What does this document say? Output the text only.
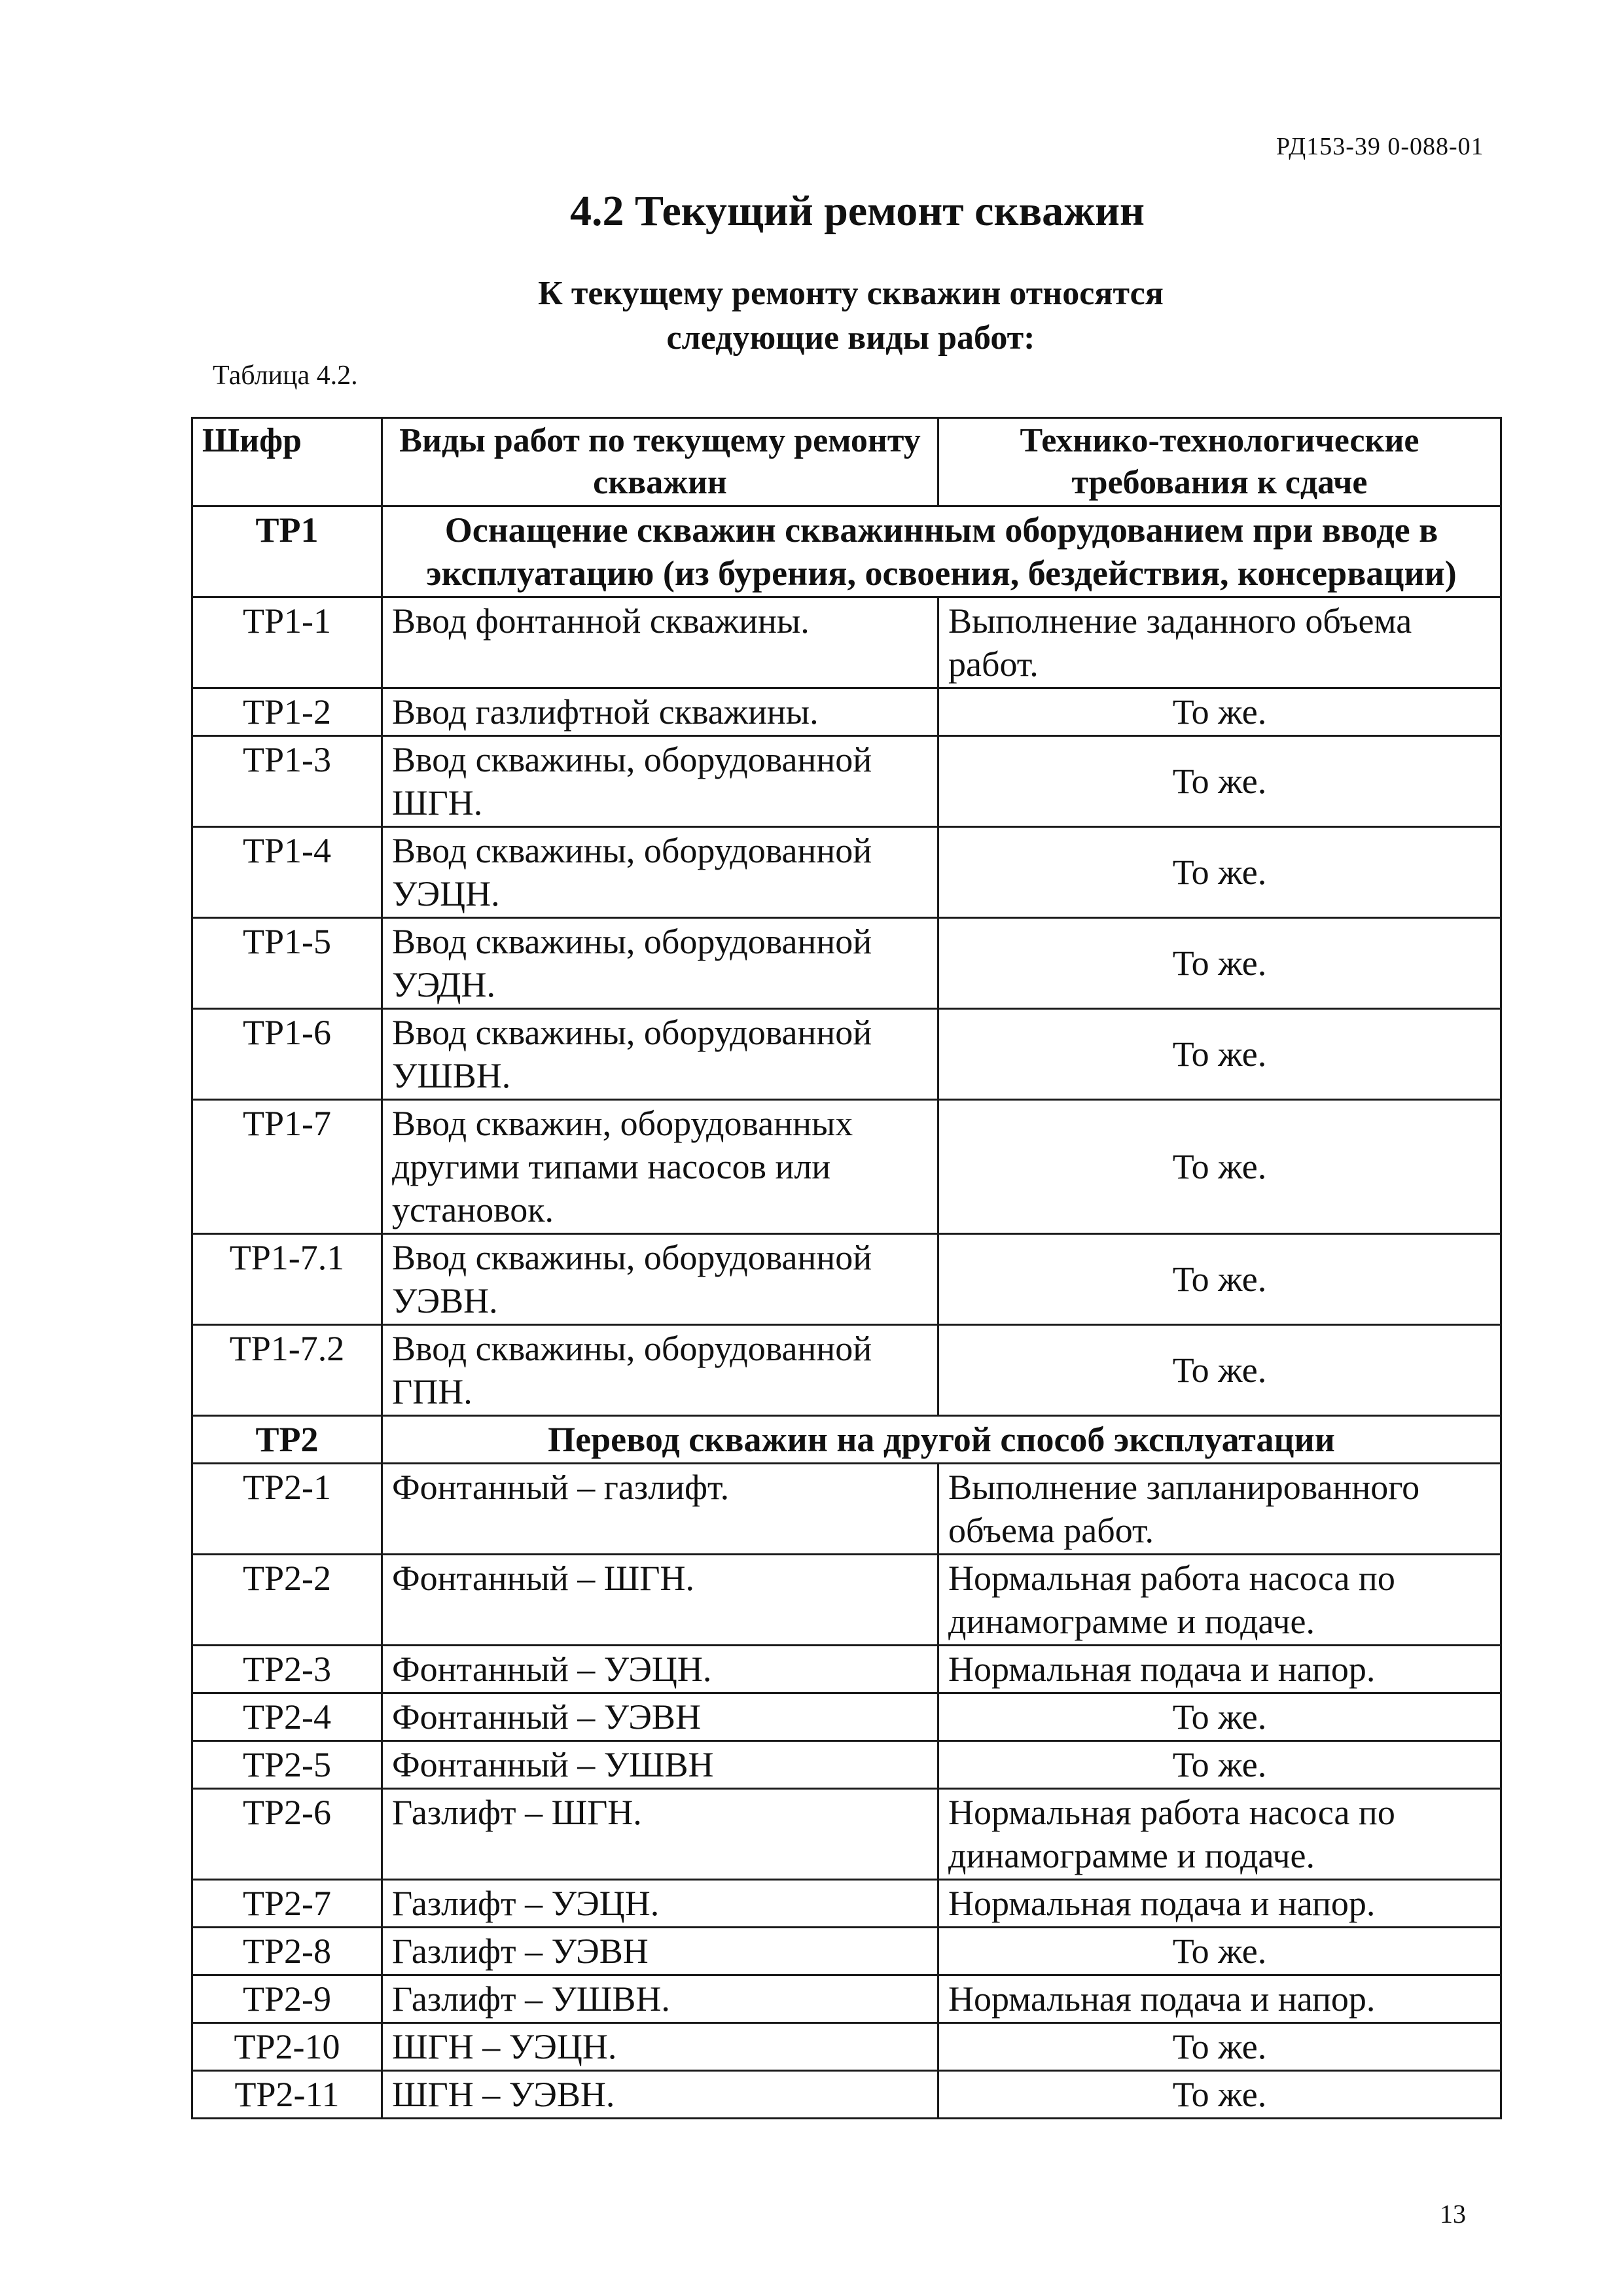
РД153-39 0-088-01
4.2 Текущий ремонт скважин
К текущему ремонту скважин относятся
следующие виды работ:
Таблица 4.2.
Шифр	Виды работ по текущему ремонту скважин	Технико-технологические требования к сдаче
ТР1	Оснащение скважин скважинным оборудованием при вводе в эксплуатацию (из бурения, освоения, бездействия, консервации)	
ТР1-1	Ввод фонтанной скважины.	Выполнение заданного объема работ.
ТР1-2	Ввод газлифтной скважины.	То же.
ТР1-3	Ввод скважины, оборудованной ШГН.	То же.
ТР1-4	Ввод скважины, оборудованной УЭЦН.	То же.
ТР1-5	Ввод скважины, оборудованной УЭДН.	То же.
ТР1-6	Ввод скважины, оборудованной УШВН.	То же.
ТР1-7	Ввод скважин, оборудованных другими типами насосов или установок.	То же.
ТР1-7.1	Ввод скважины, оборудованной УЭВН.	То же.
ТР1-7.2	Ввод скважины, оборудованной ГПН.	То же.
ТР2	Перевод скважин на другой способ эксплуатации	
ТР2-1	Фонтанный – газлифт.	Выполнение запланированного объема работ.
ТР2-2	Фонтанный – ШГН.	Нормальная работа насоса по динамограмме и подаче.
ТР2-3	Фонтанный – УЭЦН.	Нормальная подача и напор.
ТР2-4	Фонтанный – УЭВН	То же.
ТР2-5	Фонтанный – УШВН	То же.
ТР2-6	Газлифт – ШГН.	Нормальная работа насоса по динамограмме и подаче.
ТР2-7	Газлифт – УЭЦН.	Нормальная подача и напор.
ТР2-8	Газлифт – УЭВН	То же.
ТР2-9	Газлифт – УШВН.	Нормальная подача и напор.
ТР2-10	ШГН – УЭЦН.	То же.
ТР2-11	ШГН – УЭВН.	То же.
13
